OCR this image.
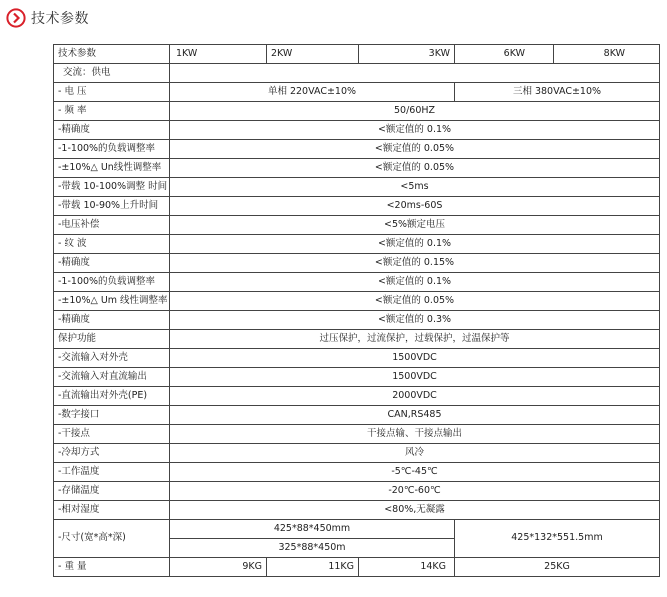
技术参数
技术参数	1KW	2KW	3KW	6KW	8KW
交流：供电					
- 电 压	单相 220VAC±10%			三相 380VAC±10%	
- 频 率	50/60HZ				
-精确度	<额定值的 0.1%				
-1-100%的负载调整率	<额定值的 0.05%				
-±10%△ Un线性调整率	<额定值的 0.05%				
-带载 10-100%调整 时间	<5ms				
-带载 10-90%上升时间	<20ms-60S				
-电压补偿	<5%额定电压				
- 纹 波	<额定值的 0.1%				
-精确度	<额定值的 0.15%				
-1-100%的负载调整率	<额定值的 0.1%				
-±10%△ Um 线性调整率	<额定值的 0.05%				
-精确度	<额定值的 0.3%				
保护功能	过压保护，过流保护，过载保护，过温保护等				
-交流输入对外壳	1500VDC				
-交流输入对直流输出	1500VDC				
-直流输出对外壳(PE)	2000VDC				
-数字接口	CAN,RS485				
-干接点	干接点输、干接点输出				
-冷却方式	风冷				
-工作温度	-5℃-45℃				
-存储温度	-20℃-60℃				
-相对湿度	<80%,无凝露				
-尺寸(宽*高*深)	425*88*450mm			425*132*551.5mm	
	325*88*450m				
- 重 量	9KG	11KG	14KG	25KG	
